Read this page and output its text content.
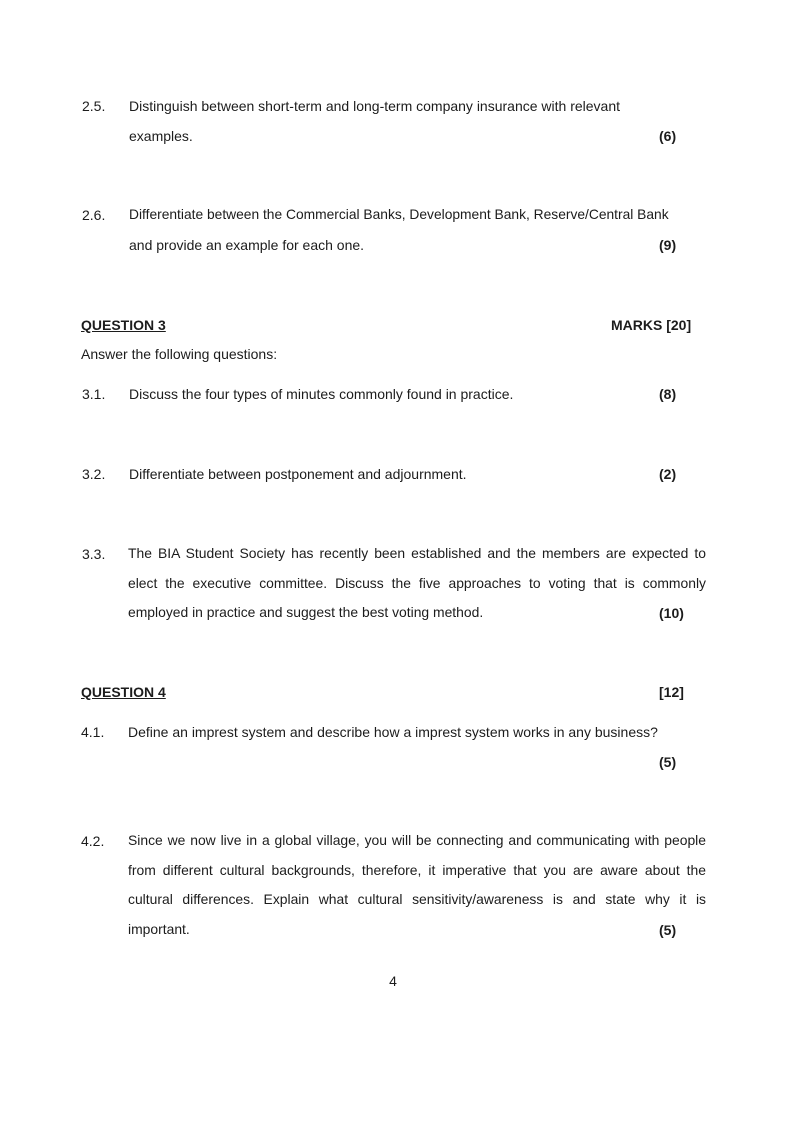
2.5. Distinguish between short-term and long-term company insurance with relevant
examples.	(6)
2.6. Differentiate between the Commercial Banks, Development Bank, Reserve/Central Bank
and provide an example for each one.	(9)
QUESTION 3	MARKS [20]
Answer the following questions:
3.1. Discuss the four types of minutes commonly found in practice.	(8)
3.2. Differentiate between postponement and adjournment.	(2)
3.3. The BIA Student Society has recently been established and the members are expected to elect the executive committee. Discuss the five approaches to voting that is commonly employed in practice and suggest the best voting method.	(10)
QUESTION 4	[12]
4.1. Define an imprest system and describe how a imprest system works in any business?
(5)
4.2. Since we now live in a global village, you will be connecting and communicating with people from different cultural backgrounds, therefore, it imperative that you are aware about the cultural differences. Explain what cultural sensitivity/awareness is and state why it is important.	(5)
4
